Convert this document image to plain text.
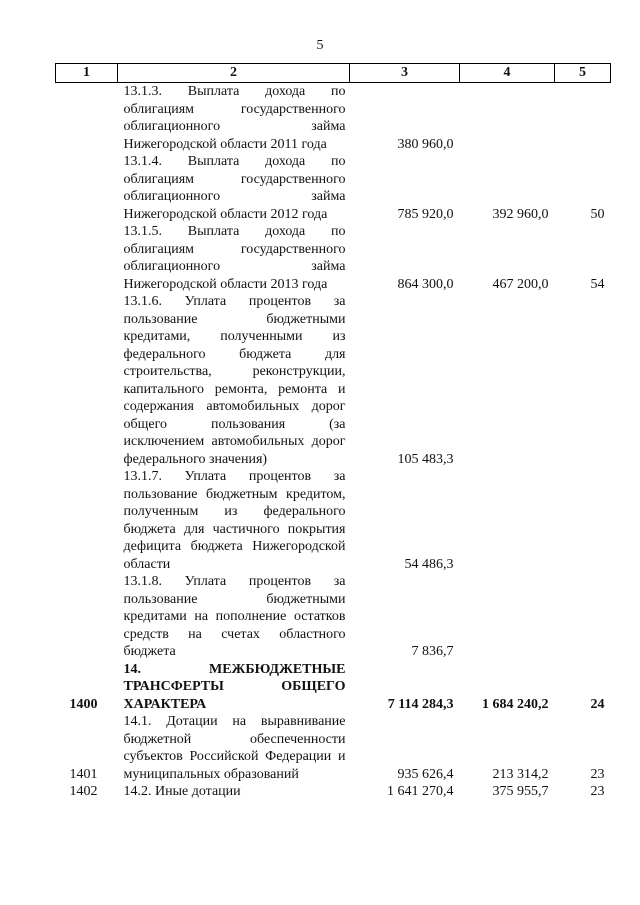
5
1	2	3	4	5
	13.1.3. Выплата дохода по облигациям государственного облигационного займа Нижегородской области 2011 года	380 960,0		
	13.1.4. Выплата дохода по облигациям государственного облигационного займа Нижегородской области 2012 года	785 920,0	392 960,0	50
	13.1.5. Выплата дохода по облигациям государственного облигационного займа Нижегородской области 2013 года	864 300,0	467 200,0	54
	13.1.6. Уплата процентов за пользование бюджетными кредитами, полученными из федерального бюджета для строительства, реконструкции, капитального ремонта, ремонта и содержания автомобильных дорог общего пользования (за исключением автомобильных дорог федерального значения)	105 483,3		
	13.1.7. Уплата процентов за пользование бюджетным кредитом, полученным из федерального бюджета для частичного покрытия дефицита бюджета Нижегородской области	54 486,3		
	13.1.8. Уплата процентов за пользование бюджетными кредитами на пополнение остатков средств на счетах областного бюджета	7 836,7		
1400	14. МЕЖБЮДЖЕТНЫЕ ТРАНСФЕРТЫ ОБЩЕГО ХАРАКТЕРА	7 114 284,3	1 684 240,2	24
1401	14.1. Дотации на выравнивание бюджетной обеспеченности субъектов Российской Федерации и муниципальных образований	935 626,4	213 314,2	23
1402	14.2. Иные дотации	1 641 270,4	375 955,7	23
